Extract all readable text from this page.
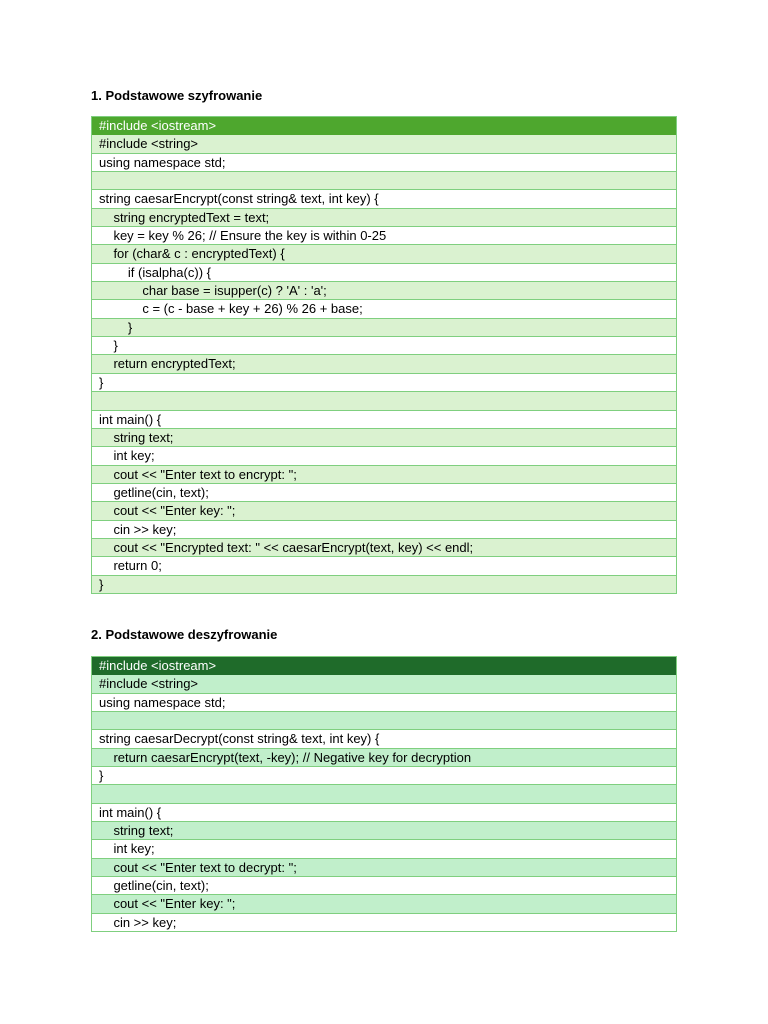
1. Podstawowe szyfrowanie
#include <iostream>
#include <string>
using namespace std;
string caesarEncrypt(const string& text, int key) {
string encryptedText = text;
key = key % 26; // Ensure the key is within 0-25
for (char& c : encryptedText) {
if (isalpha(c)) {
char base = isupper(c) ? 'A' : 'a';
c = (c - base + key + 26) % 26 + base;
}
}
return encryptedText;
}
int main() {
string text;
int key;
cout << "Enter text to encrypt: ";
getline(cin, text);
cout << "Enter key: ";
cin >> key;
cout << "Encrypted text: " << caesarEncrypt(text, key) << endl;
return 0;
}
2. Podstawowe deszyfrowanie
#include <iostream>
#include <string>
using namespace std;
string caesarDecrypt(const string& text, int key) {
return caesarEncrypt(text, -key); // Negative key for decryption
}
int main() {
string text;
int key;
cout << "Enter text to decrypt: ";
getline(cin, text);
cout << "Enter key: ";
cin >> key;
